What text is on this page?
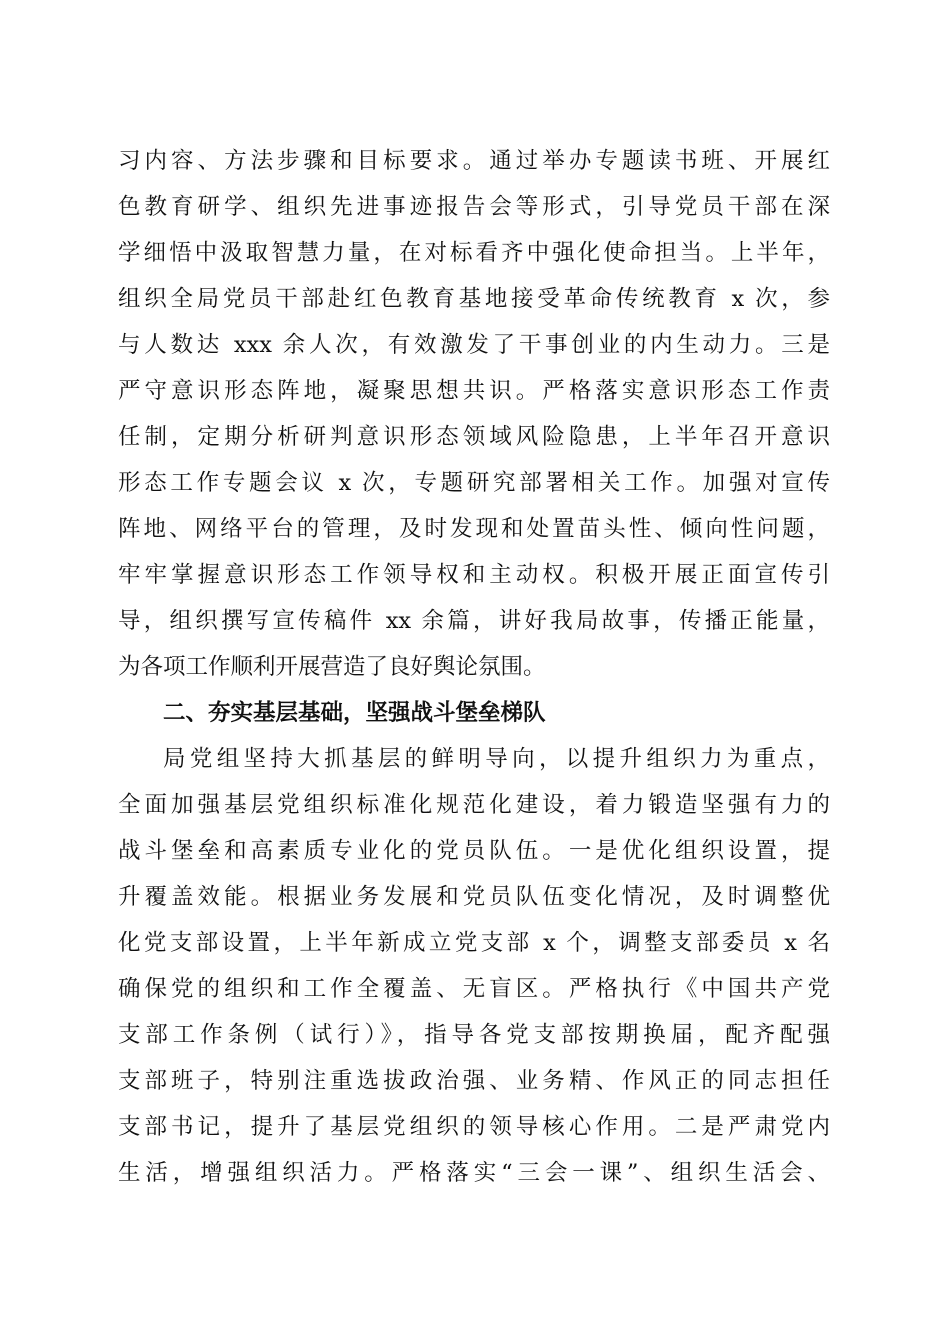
习内容、方法步骤和目标要求。通过举办专题读书班、开展红
色教育研学、组织先进事迹报告会等形式，引导党员干部在深
学细悟中汲取智慧力量，在对标看齐中强化使命担当。上半年，
组织全局党员干部赴红色教育基地接受革命传统教育 x 次，参
与人数达 xxx 余人次，有效激发了干事创业的内生动力。三是
严守意识形态阵地，凝聚思想共识。严格落实意识形态工作责
任制，定期分析研判意识形态领域风险隐患，上半年召开意识
形态工作专题会议 x 次，专题研究部署相关工作。加强对宣传
阵地、网络平台的管理，及时发现和处置苗头性、倾向性问题，
牢牢掌握意识形态工作领导权和主动权。积极开展正面宣传引
导，组织撰写宣传稿件 xx 余篇，讲好我局故事，传播正能量，
为各项工作顺利开展营造了良好舆论氛围。
二、夯实基层基础，坚强战斗堡垒梯队
局党组坚持大抓基层的鲜明导向，以提升组织力为重点，
全面加强基层党组织标准化规范化建设，着力锻造坚强有力的
战斗堡垒和高素质专业化的党员队伍。一是优化组织设置，提
升覆盖效能。根据业务发展和党员队伍变化情况，及时调整优
化党支部设置，上半年新成立党支部 x 个，调整支部委员 x 名
确保党的组织和工作全覆盖、无盲区。严格执行《中国共产党
支部工作条例（试行）》，指导各党支部按期换届，配齐配强
支部班子，特别注重选拔政治强、业务精、作风正的同志担任
支部书记，提升了基层党组织的领导核心作用。二是严肃党内
生活，增强组织活力。严格落实“三会一课”、组织生活会、
